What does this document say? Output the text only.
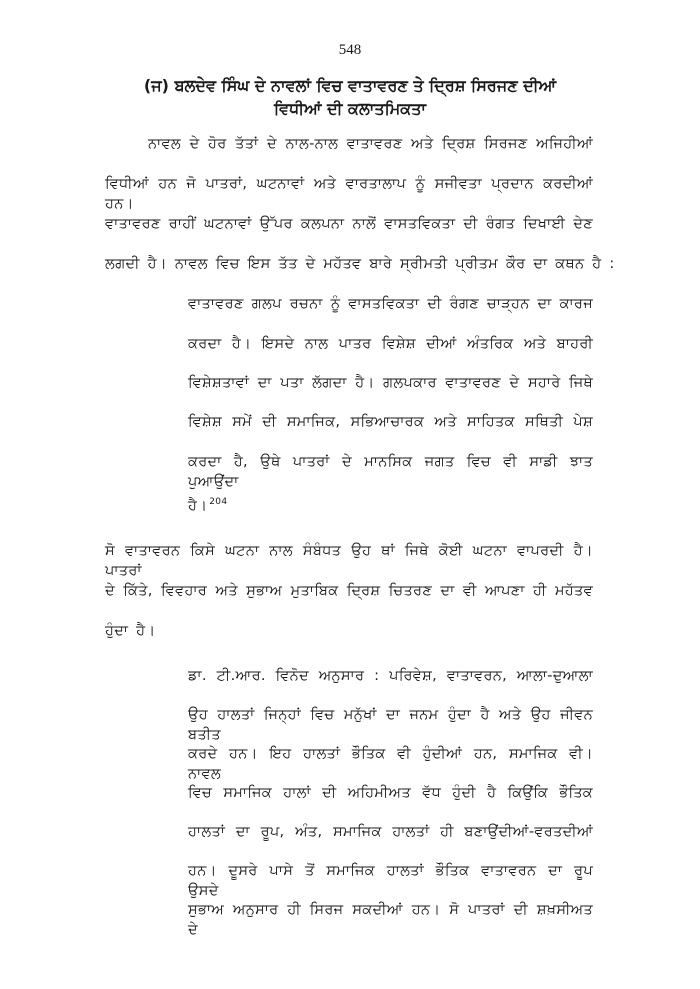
548
(ਜ) ਬਲਦੇਵ ਸਿੰਘ ਦੇ ਨਾਵਲਾਂ ਵਿਚ ਵਾਤਾਵਰਣ ਤੇ ਦ੍ਰਿਸ਼ ਸਿਰਜਣ ਦੀਆਂ
ਵਿਧੀਆਂ ਦੀ ਕਲਾਤਮਿਕਤਾ
ਨਾਵਲ ਦੇ ਹੋਰ ਤੱਤਾਂ ਦੇ ਨਾਲ-ਨਾਲ ਵਾਤਾਵਰਣ ਅਤੇ ਦ੍ਰਿਸ਼ ਸਿਰਜਣ ਅਜਿਹੀਆਂ
ਵਿਧੀਆਂ ਹਨ ਜੋ ਪਾਤਰਾਂ, ਘਟਨਾਵਾਂ ਅਤੇ ਵਾਰਤਾਲਾਪ ਨੂੰ ਸਜੀਵਤਾ ਪ੍ਰਦਾਨ ਕਰਦੀਆਂ ਹਨ।
ਵਾਤਾਵਰਣ ਰਾਹੀਂ ਘਟਨਾਵਾਂ ਉੱਪਰ ਕਲਪਨਾ ਨਾਲੋਂ ਵਾਸਤਵਿਕਤਾ ਦੀ ਰੰਗਤ ਦਿਖਾਈ ਦੇਣ
ਲਗਦੀ ਹੈ। ਨਾਵਲ ਵਿਚ ਇਸ ਤੱਤ ਦੇ ਮਹੱਤਵ ਬਾਰੇ ਸ੍ਰੀਮਤੀ ਪ੍ਰੀਤਮ ਕੌਰ ਦਾ ਕਥਨ ਹੈ :
ਵਾਤਾਵਰਣ ਗਲਪ ਰਚਨਾ ਨੂੰ ਵਾਸਤਵਿਕਤਾ ਦੀ ਰੰਗਣ ਚਾੜ੍ਹਨ ਦਾ ਕਾਰਜ
ਕਰਦਾ ਹੈ। ਇਸਦੇ ਨਾਲ ਪਾਤਰ ਵਿਸ਼ੇਸ਼ ਦੀਆਂ ਅੰਤਰਿਕ ਅਤੇ ਬਾਹਰੀ
ਵਿਸ਼ੇਸ਼ਤਾਵਾਂ ਦਾ ਪਤਾ ਲੱਗਦਾ ਹੈ। ਗਲਪਕਾਰ ਵਾਤਾਵਰਣ ਦੇ ਸਹਾਰੇ ਜਿਥੇ
ਵਿਸ਼ੇਸ਼ ਸਮੇਂ ਦੀ ਸਮਾਜਿਕ, ਸਭਿਆਚਾਰਕ ਅਤੇ ਸਾਹਿਤਕ ਸਥਿਤੀ ਪੇਸ਼
ਕਰਦਾ ਹੈ, ਉਥੇ ਪਾਤਰਾਂ ਦੇ ਮਾਨਸਿਕ ਜਗਤ ਵਿਚ ਵੀ ਸਾਡੀ ਝਾਤ ਪੁਆਉਂਦਾ
ਹੈ। $^{204}$
ਸੋ ਵਾਤਾਵਰਨ ਕਿਸੇ ਘਟਨਾ ਨਾਲ ਸੰਬੰਧਤ ਉਹ ਥਾਂ ਜਿਥੇ ਕੋਈ ਘਟਨਾ ਵਾਪਰਦੀ ਹੈ। ਪਾਤਰਾਂ
ਦੇ ਕਿੱਤੇ, ਵਿਵਹਾਰ ਅਤੇ ਸੁਭਾਅ ਮੁਤਾਬਿਕ ਦ੍ਰਿਸ਼ ਚਿਤਰਣ ਦਾ ਵੀ ਆਪਣਾ ਹੀ ਮਹੱਤਵ
ਹੁੰਦਾ ਹੈ।
ਡਾ. ਟੀ.ਆਰ. ਵਿਨੋਦ ਅਨੁਸਾਰ : ਪਰਿਵੇਸ਼, ਵਾਤਾਵਰਨ, ਆਲਾ-ਦੁਆਲਾ
ਉਹ ਹਾਲਤਾਂ ਜਿਨ੍ਹਾਂ ਵਿਚ ਮਨੁੱਖਾਂ ਦਾ ਜਨਮ ਹੁੰਦਾ ਹੈ ਅਤੇ ਉਹ ਜੀਵਨ ਬਤੀਤ
ਕਰਦੇ ਹਨ। ਇਹ ਹਾਲਤਾਂ ਭੌਤਿਕ ਵੀ ਹੁੰਦੀਆਂ ਹਨ, ਸਮਾਜਿਕ ਵੀ। ਨਾਵਲ
ਵਿਚ ਸਮਾਜਿਕ ਹਾਲਾਂ ਦੀ ਅਹਿਮੀਅਤ ਵੱਧ ਹੁੰਦੀ ਹੈ ਕਿਉਂਕਿ ਭੌਤਿਕ
ਹਾਲਤਾਂ ਦਾ ਰੂਪ, ਅੰਤ, ਸਮਾਜਿਕ ਹਾਲਤਾਂ ਹੀ ਬਣਾਉਂਦੀਆਂ-ਵਰਤਦੀਆਂ
ਹਨ। ਦੂਸਰੇ ਪਾਸੇ ਤੋਂ ਸਮਾਜਿਕ ਹਾਲਤਾਂ ਭੌਤਿਕ ਵਾਤਾਵਰਨ ਦਾ ਰੂਪ ਉਸਦੇ
ਸੁਭਾਅ ਅਨੁਸਾਰ ਹੀ ਸਿਰਜ ਸਕਦੀਆਂ ਹਨ। ਸੋ ਪਾਤਰਾਂ ਦੀ ਸ਼ਖ਼ਸੀਅਤ ਦੇ
